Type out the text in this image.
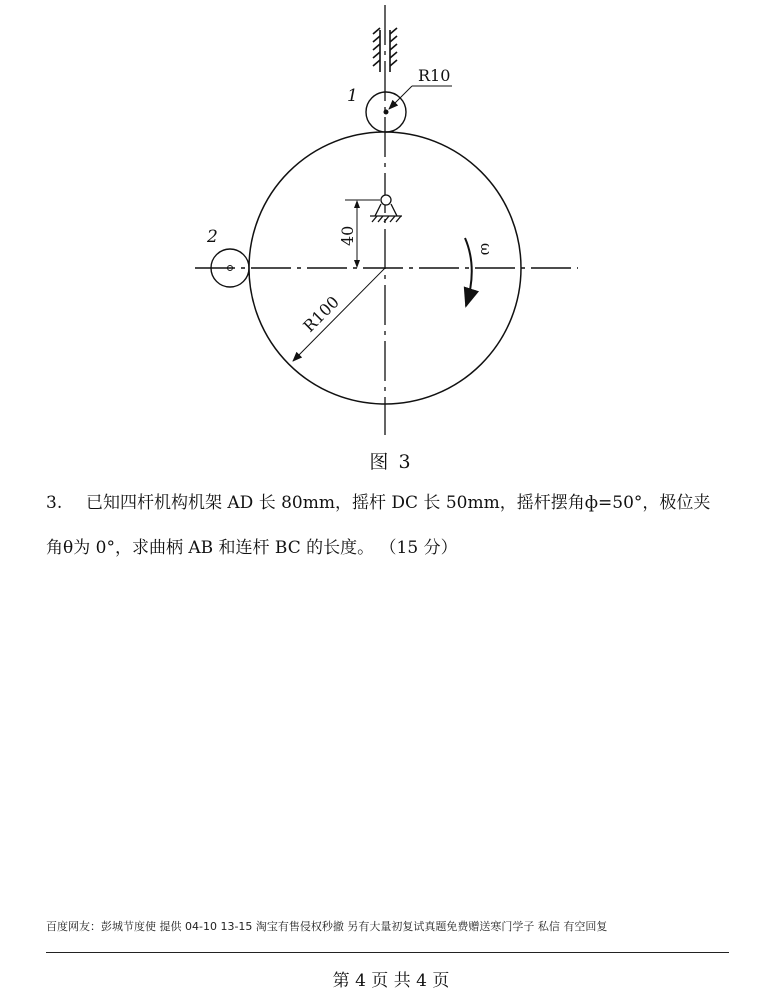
R10
1
40
R100
ω
2
图 3
3. 已知四杆机构机架 AD 长 80mm，摇杆 DC 长 50mm，摇杆摆角ф=50°，极位夹
角θ为 0°，求曲柄 AB 和连杆 BC 的长度。 （15 分）
百度网友：彭城节度使 提供 04-10 13-15 淘宝有售侵权秒撤 另有大量初复试真题免费赠送寒门学子 私信 有空回复
第 4 页 共 4 页
